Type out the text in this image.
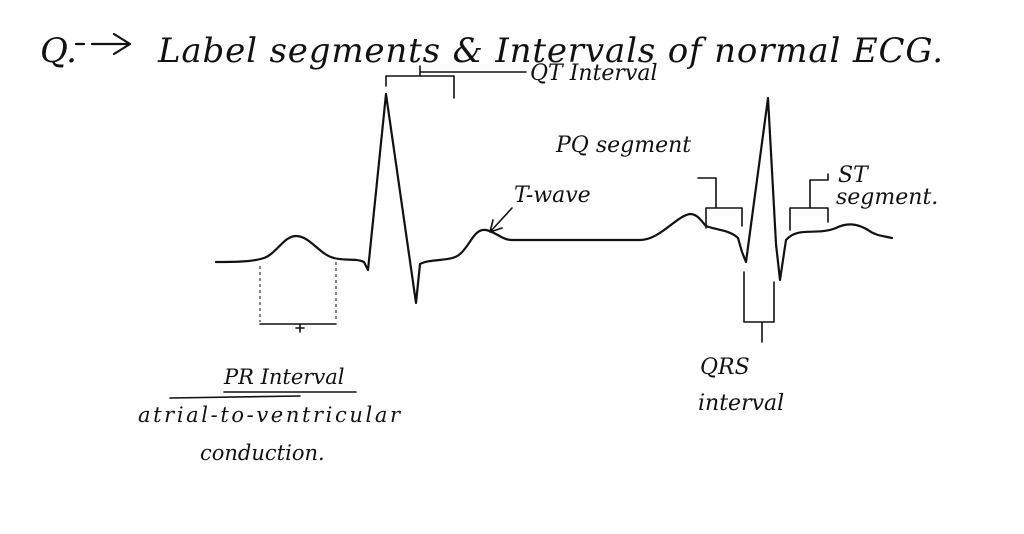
Q. Label segments & Intervals of normal ECG.
QT Interval
T-wave
PQ segment
ST
segment.
PR Interval
atrial-to-ventricular
conduction.
QRS
interval
